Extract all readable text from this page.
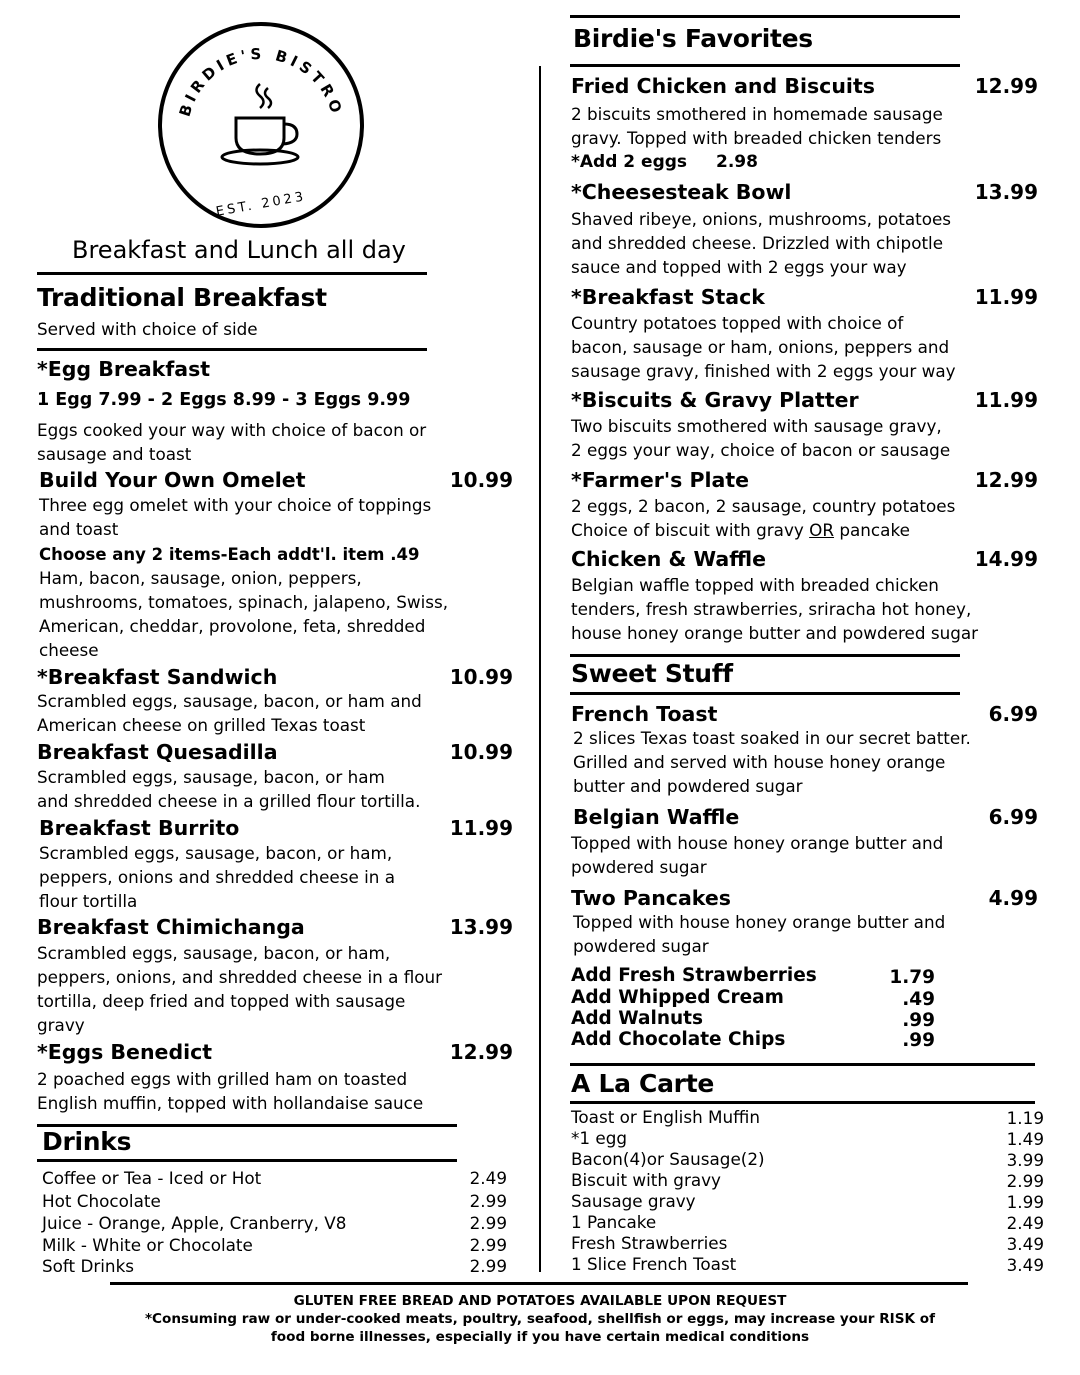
BIRDIE'S BISTRO
EST. 2023
Breakfast and Lunch all day
Traditional Breakfast
Served with choice of side
*Egg Breakfast
1 Egg 7.99 - 2 Eggs 8.99 - 3 Eggs 9.99
Eggs cooked your way with choice of bacon or
sausage and toast
Build Your Own Omelet	10.99
Three egg omelet with your choice of toppings
and toast
Choose any 2 items-Each addt'l. item .49
Ham, bacon, sausage, onion, peppers,
mushrooms, tomatoes, spinach, jalapeno, Swiss,
American, cheddar, provolone, feta, shredded
cheese
*Breakfast Sandwich	10.99
Scrambled eggs, sausage, bacon, or ham and
American cheese on grilled Texas toast
Breakfast Quesadilla	10.99
Scrambled eggs, sausage, bacon, or ham
and shredded cheese in a grilled flour tortilla.
Breakfast Burrito	11.99
Scrambled eggs, sausage, bacon, or ham,
peppers, onions and shredded cheese in a
flour tortilla
Breakfast Chimichanga	13.99
Scrambled eggs, sausage, bacon, or ham,
peppers, onions, and shredded cheese in a flour
tortilla, deep fried and topped with sausage
gravy
*Eggs Benedict	12.99
2 poached eggs with grilled ham on toasted
English muffin, topped with hollandaise sauce
Drinks
Coffee or Tea - Iced or Hot	2.49
Hot Chocolate	2.99
Juice - Orange, Apple, Cranberry, V8	2.99
Milk - White or Chocolate	2.99
Soft Drinks	2.99
Birdie's Favorites
Fried Chicken and Biscuits	12.99
2 biscuits smothered in homemade sausage
gravy. Topped with breaded chicken tenders
*Add 2 eggs 2.98
*Cheesesteak Bowl	13.99
Shaved ribeye, onions, mushrooms, potatoes
and shredded cheese. Drizzled with chipotle
sauce and topped with 2 eggs your way
*Breakfast Stack	11.99
Country potatoes topped with choice of
bacon, sausage or ham, onions, peppers and
sausage gravy, finished with 2 eggs your way
*Biscuits & Gravy Platter	11.99
Two biscuits smothered with sausage gravy,
2 eggs your way, choice of bacon or sausage
*Farmer's Plate	12.99
2 eggs, 2 bacon, 2 sausage, country potatoes
Choice of biscuit with gravy OR pancake
Chicken & Waffle	14.99
Belgian waffle topped with breaded chicken
tenders, fresh strawberries, sriracha hot honey,
house honey orange butter and powdered sugar
Sweet Stuff
French Toast	6.99
2 slices Texas toast soaked in our secret batter.
Grilled and served with house honey orange
butter and powdered sugar
Belgian Waffle	6.99
Topped with house honey orange butter and
powdered sugar
Two Pancakes	4.99
Topped with house honey orange butter and
powdered sugar
Add Fresh Strawberries	1.79
Add Whipped Cream	.49
Add Walnuts	.99
Add Chocolate Chips	.99
A La Carte
Toast or English Muffin	1.19
*1 egg	1.49
Bacon(4)or Sausage(2)	3.99
Biscuit with gravy	2.99
Sausage gravy	1.99
1 Pancake	2.49
Fresh Strawberries	3.49
1 Slice French Toast	3.49
GLUTEN FREE BREAD AND POTATOES AVAILABLE UPON REQUEST
*Consuming raw or under-cooked meats, poultry, seafood, shellfish or eggs, may increase your RISK of
food borne illnesses, especially if you have certain medical conditions
